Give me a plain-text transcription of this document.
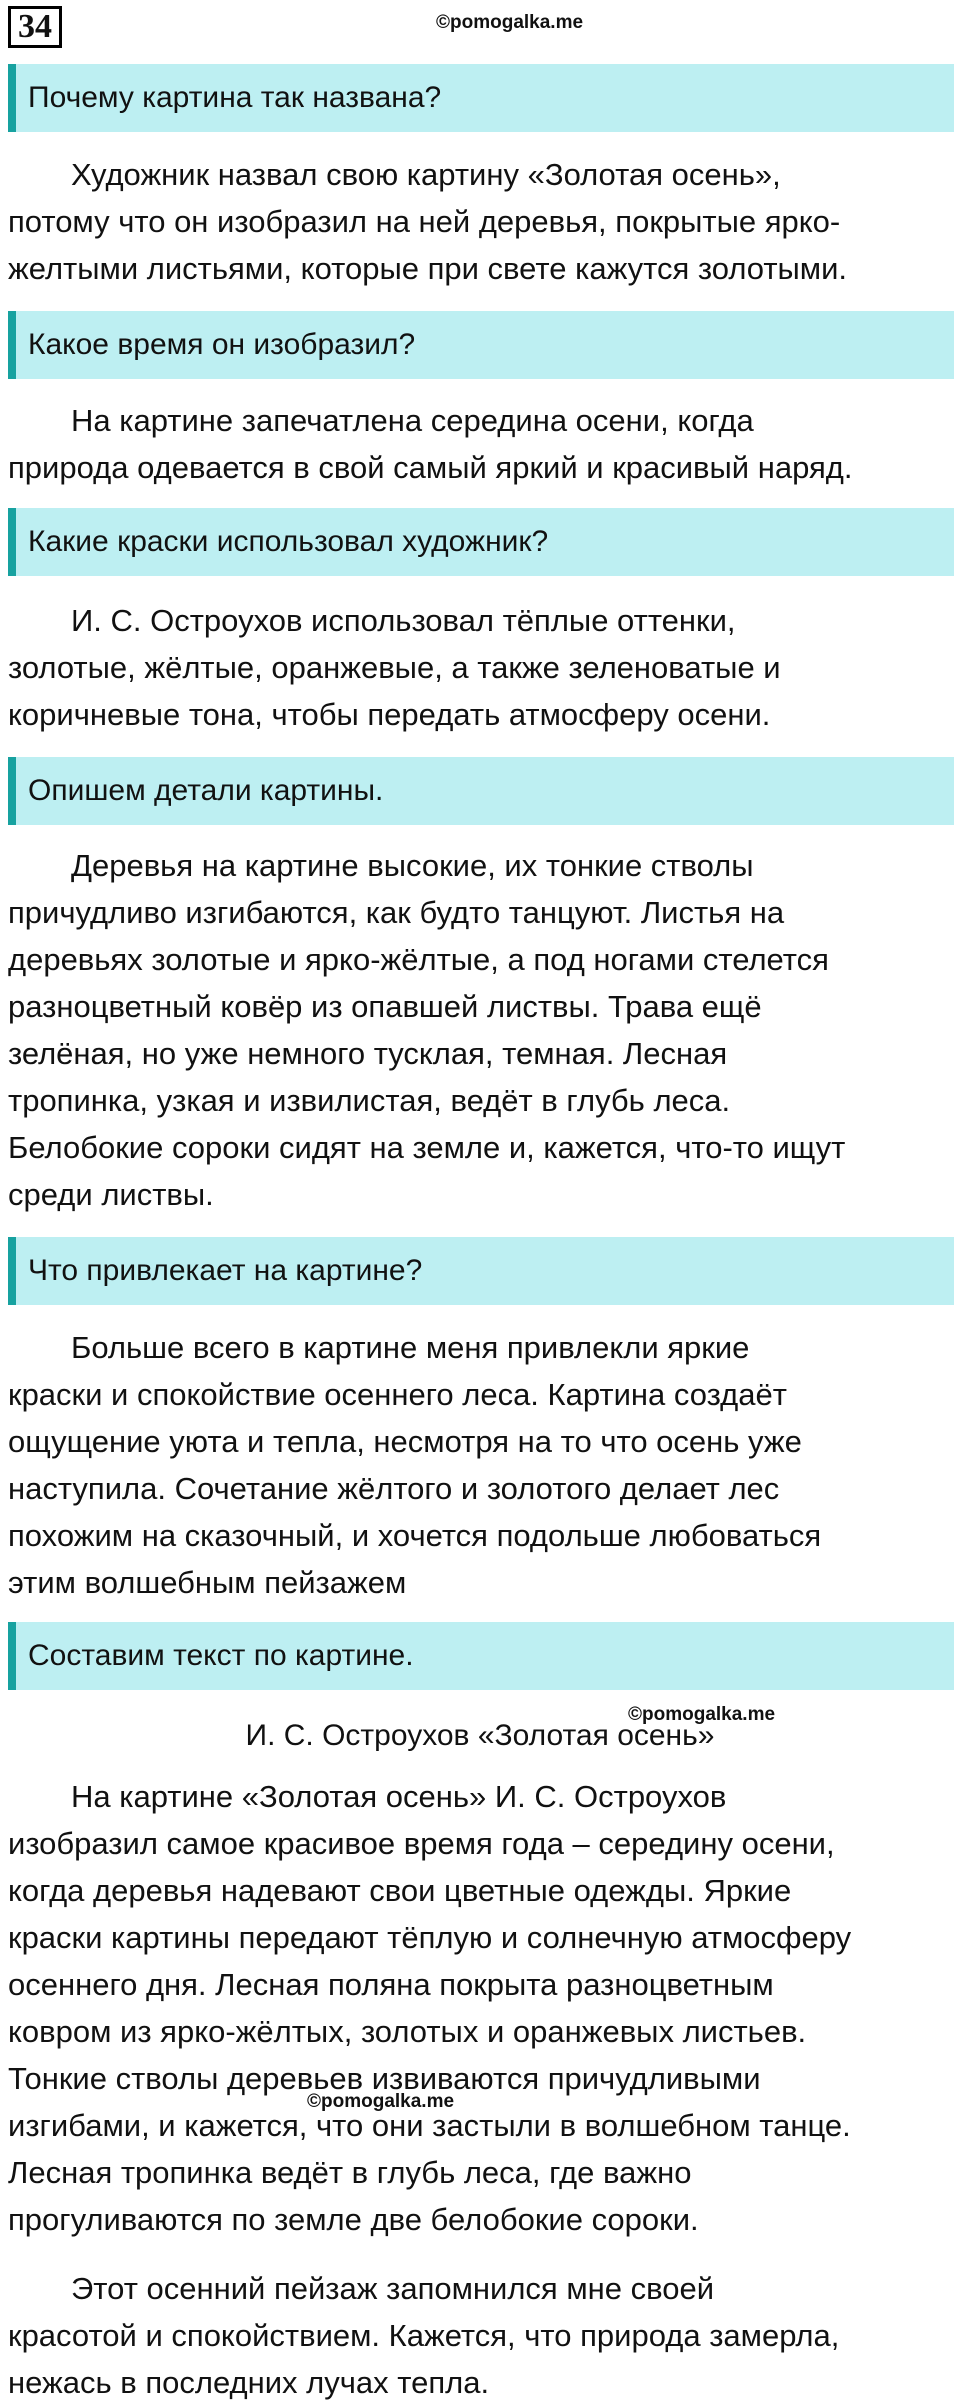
34	©pomogalka.me
Почему картина так названа?
Художник назвал свою картину «Золотая осень»,
потому что он изобразил на ней деревья, покрытые ярко-
желтыми листьями, которые при свете кажутся золотыми.
Какое время он изобразил?
На картине запечатлена середина осени, когда
природа одевается в свой самый яркий и красивый наряд.
Какие краски использовал художник?
И. С. Остроухов использовал тёплые оттенки,
золотые, жёлтые, оранжевые, а также зеленоватые и
коричневые тона, чтобы передать атмосферу осени.
Опишем детали картины.
Деревья на картине высокие, их тонкие стволы
причудливо изгибаются, как будто танцуют. Листья на
деревьях золотые и ярко-жёлтые, а под ногами стелется
разноцветный ковёр из опавшей листвы. Трава ещё
зелёная, но уже немного тусклая, темная. Лесная
тропинка, узкая и извилистая, ведёт в глубь леса.
Белобокие сороки сидят на земле и, кажется, что-то ищут
среди листвы.
Что привлекает на картине?
Больше всего в картине меня привлекли яркие
краски и спокойствие осеннего леса. Картина создаёт
ощущение уюта и тепла, несмотря на то что осень уже
наступила. Сочетание жёлтого и золотого делает лес
похожим на сказочный, и хочется подольше любоваться
этим волшебным пейзажем
Составим текст по картине.
И. С. Остроухов «Золотая осень»
©pomogalka.me
На картине «Золотая осень» И. С. Остроухов
изобразил самое красивое время года – середину осени,
когда деревья надевают свои цветные одежды. Яркие
краски картины передают тёплую и солнечную атмосферу
осеннего дня. Лесная поляна покрыта разноцветным
ковром из ярко-жёлтых, золотых и оранжевых листьев.
Тонкие стволы деревьев извиваются причудливыми
изгибами, и кажется, что они застыли в волшебном танце.
Лесная тропинка ведёт в глубь леса, где важно
прогуливаются по земле две белобокие сороки.
©pomogalka.me
Этот осенний пейзаж запомнился мне своей
красотой и спокойствием. Кажется, что природа замерла,
нежась в последних лучах тепла.
